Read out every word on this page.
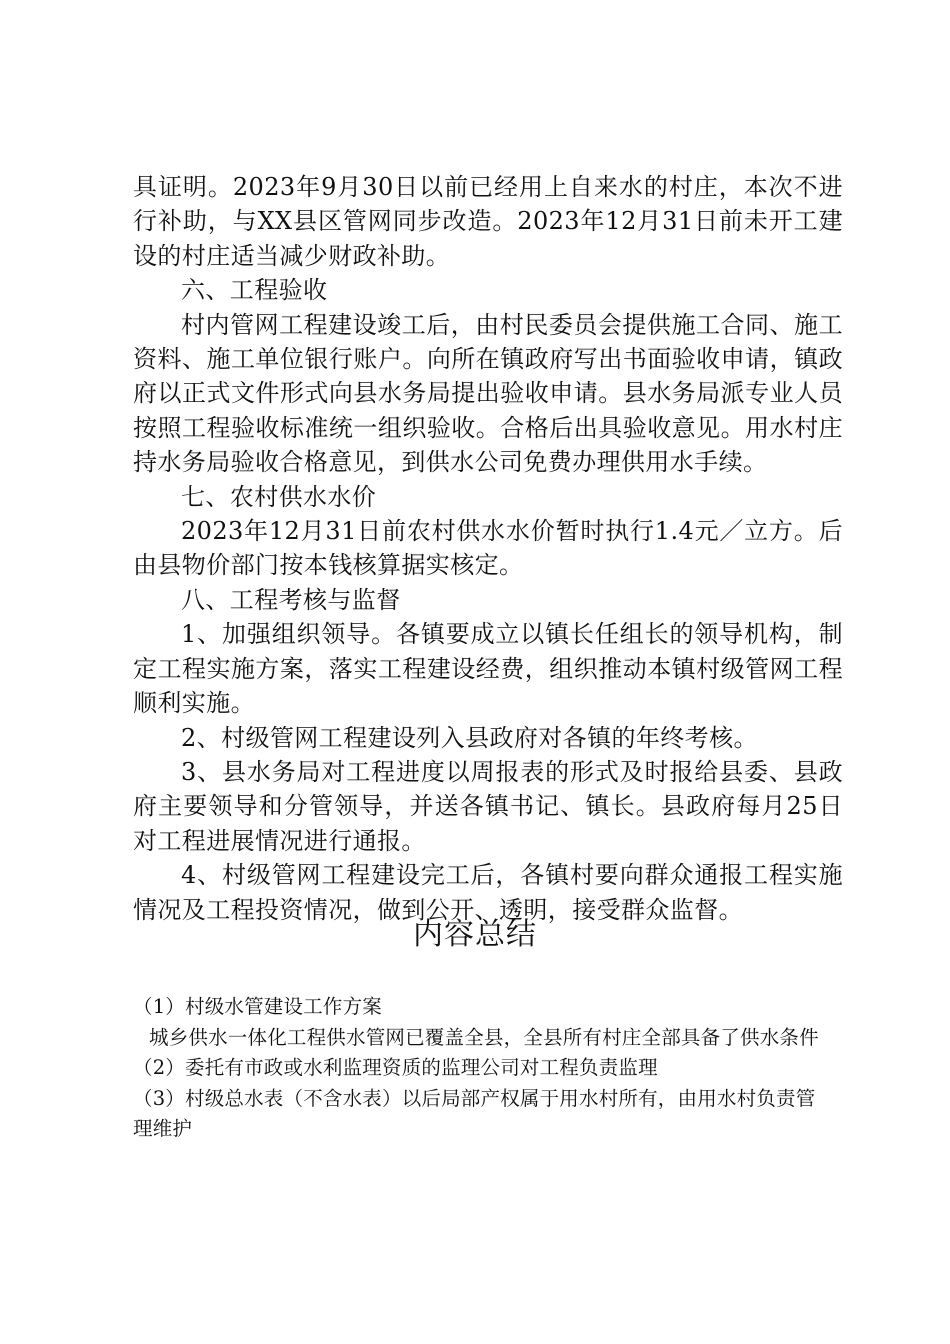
具证明。2023年9月30日以前已经用上自来水的村庄，本次不进行补助，与XX县区管网同步改造。2023年12月31日前未开工建设的村庄适当减少财政补助。

六、工程验收

村内管网工程建设竣工后，由村民委员会提供施工合同、施工资料、施工单位银行账户。向所在镇政府写出书面验收申请，镇政府以正式文件形式向县水务局提出验收申请。县水务局派专业人员按照工程验收标准统一组织验收。合格后出具验收意见。用水村庄持水务局验收合格意见，到供水公司免费办理供用水手续。

七、农村供水水价

2023年12月31日前农村供水水价暂时执行1.4元／立方。后由县物价部门按本钱核算据实核定。

八、工程考核与监督

1、加强组织领导。各镇要成立以镇长任组长的领导机构，制定工程实施方案，落实工程建设经费，组织推动本镇村级管网工程顺利实施。

2、村级管网工程建设列入县政府对各镇的年终考核。

3、县水务局对工程进度以周报表的形式及时报给县委、县政府主要领导和分管领导，并送各镇书记、镇长。县政府每月25日对工程进展情况进行通报。

4、村级管网工程建设完工后，各镇村要向群众通报工程实施情况及工程投资情况，做到公开、透明，接受群众监督。

内容总结

（1）村级水管建设工作方案

城乡供水一体化工程供水管网已覆盖全县，全县所有村庄全部具备了供水条件

（2）委托有市政或水利监理资质的监理公司对工程负责监理

（3）村级总水表（不含水表）以后局部产权属于用水村所有，由用水村负责管理维护
